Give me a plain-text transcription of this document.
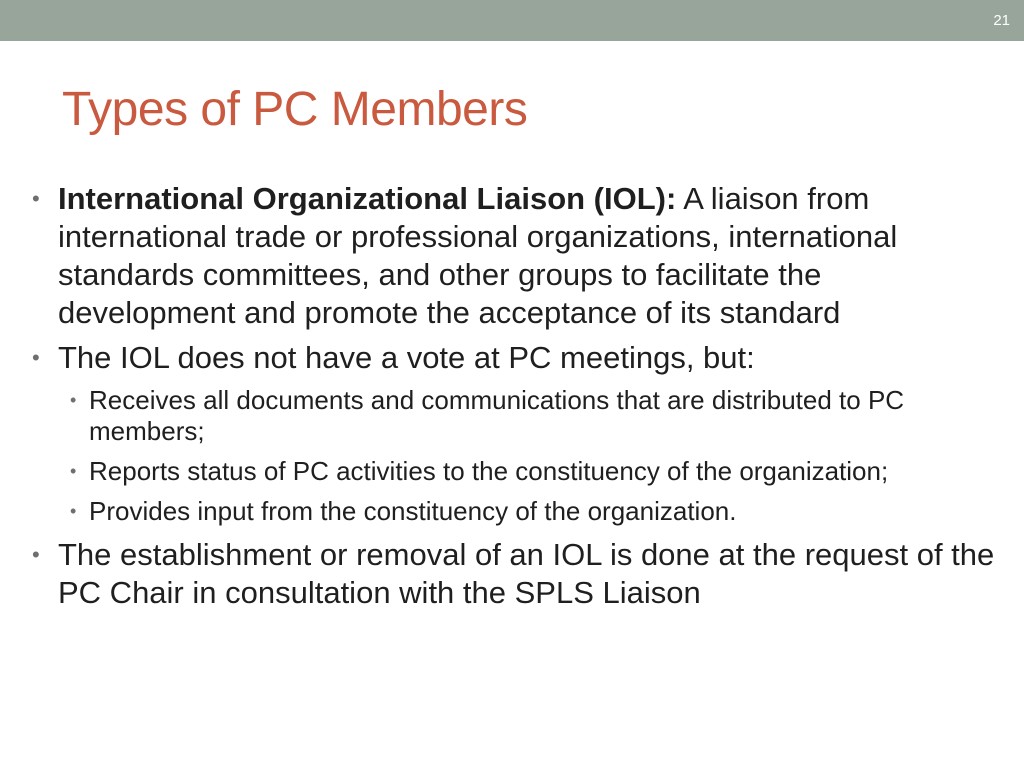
21
Types of PC Members
• International Organizational Liaison (IOL): A liaison from international trade or professional organizations, international standards committees, and other groups to facilitate the development and promote the acceptance of its standard
• The IOL does not have a vote at PC meetings, but:
• Receives all documents and communications that are distributed to PC members;
• Reports status of PC activities to the constituency of the organization;
• Provides input from the constituency of the organization.
• The establishment or removal of an IOL is done at the request of the PC Chair in consultation with the SPLS Liaison
